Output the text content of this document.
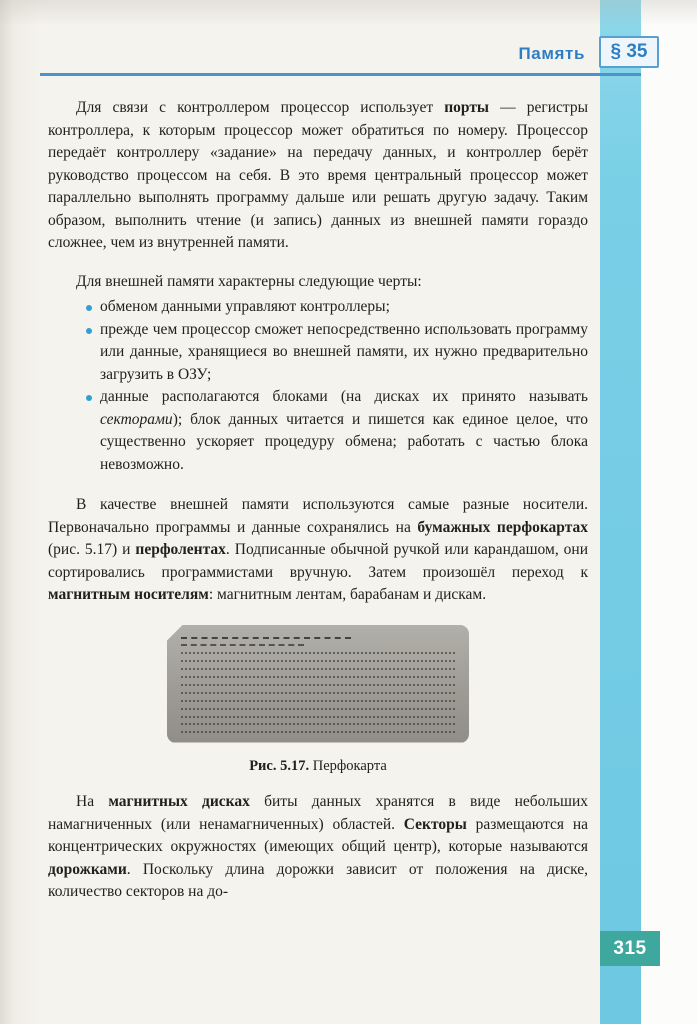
Память § 35

Для связи с контроллером процессор использует порты — регистры контроллера, к которым процессор может обратиться по номеру. Процессор передаёт контроллеру «задание» на передачу данных, и контроллер берёт руководство процессом на себя. В это время центральный процессор может параллельно выполнять программу дальше или решать другую задачу. Таким образом, выполнить чтение (и запись) данных из внешней памяти гораздо сложнее, чем из внутренней памяти.

Для внешней памяти характерны следующие черты:

обменом данными управляют контроллеры;
прежде чем процессор сможет непосредственно использовать программу или данные, хранящиеся во внешней памяти, их нужно предварительно загрузить в ОЗУ;
данные располагаются блоками (на дисках их принято называть секторами); блок данных читается и пишется как единое целое, что существенно ускоряет процедуру обмена; работать с частью блока невозможно.

В качестве внешней памяти используются самые разные носители. Первоначально программы и данные сохранялись на бумажных перфокартах (рис. 5.17) и перфолентах. Подписанные обычной ручкой или карандашом, они сортировались программистами вручную. Затем произошёл переход к магнитным носителям: магнитным лентам, барабанам и дискам.

Рис. 5.17. Перфокарта

На магнитных дисках биты данных хранятся в виде небольших намагниченных (или ненамагниченных) областей. Секторы размещаются на концентрических окружностях (имеющих общий центр), которые называются дорожками. Поскольку длина дорожки зависит от положения на диске, количество секторов на до-

315
